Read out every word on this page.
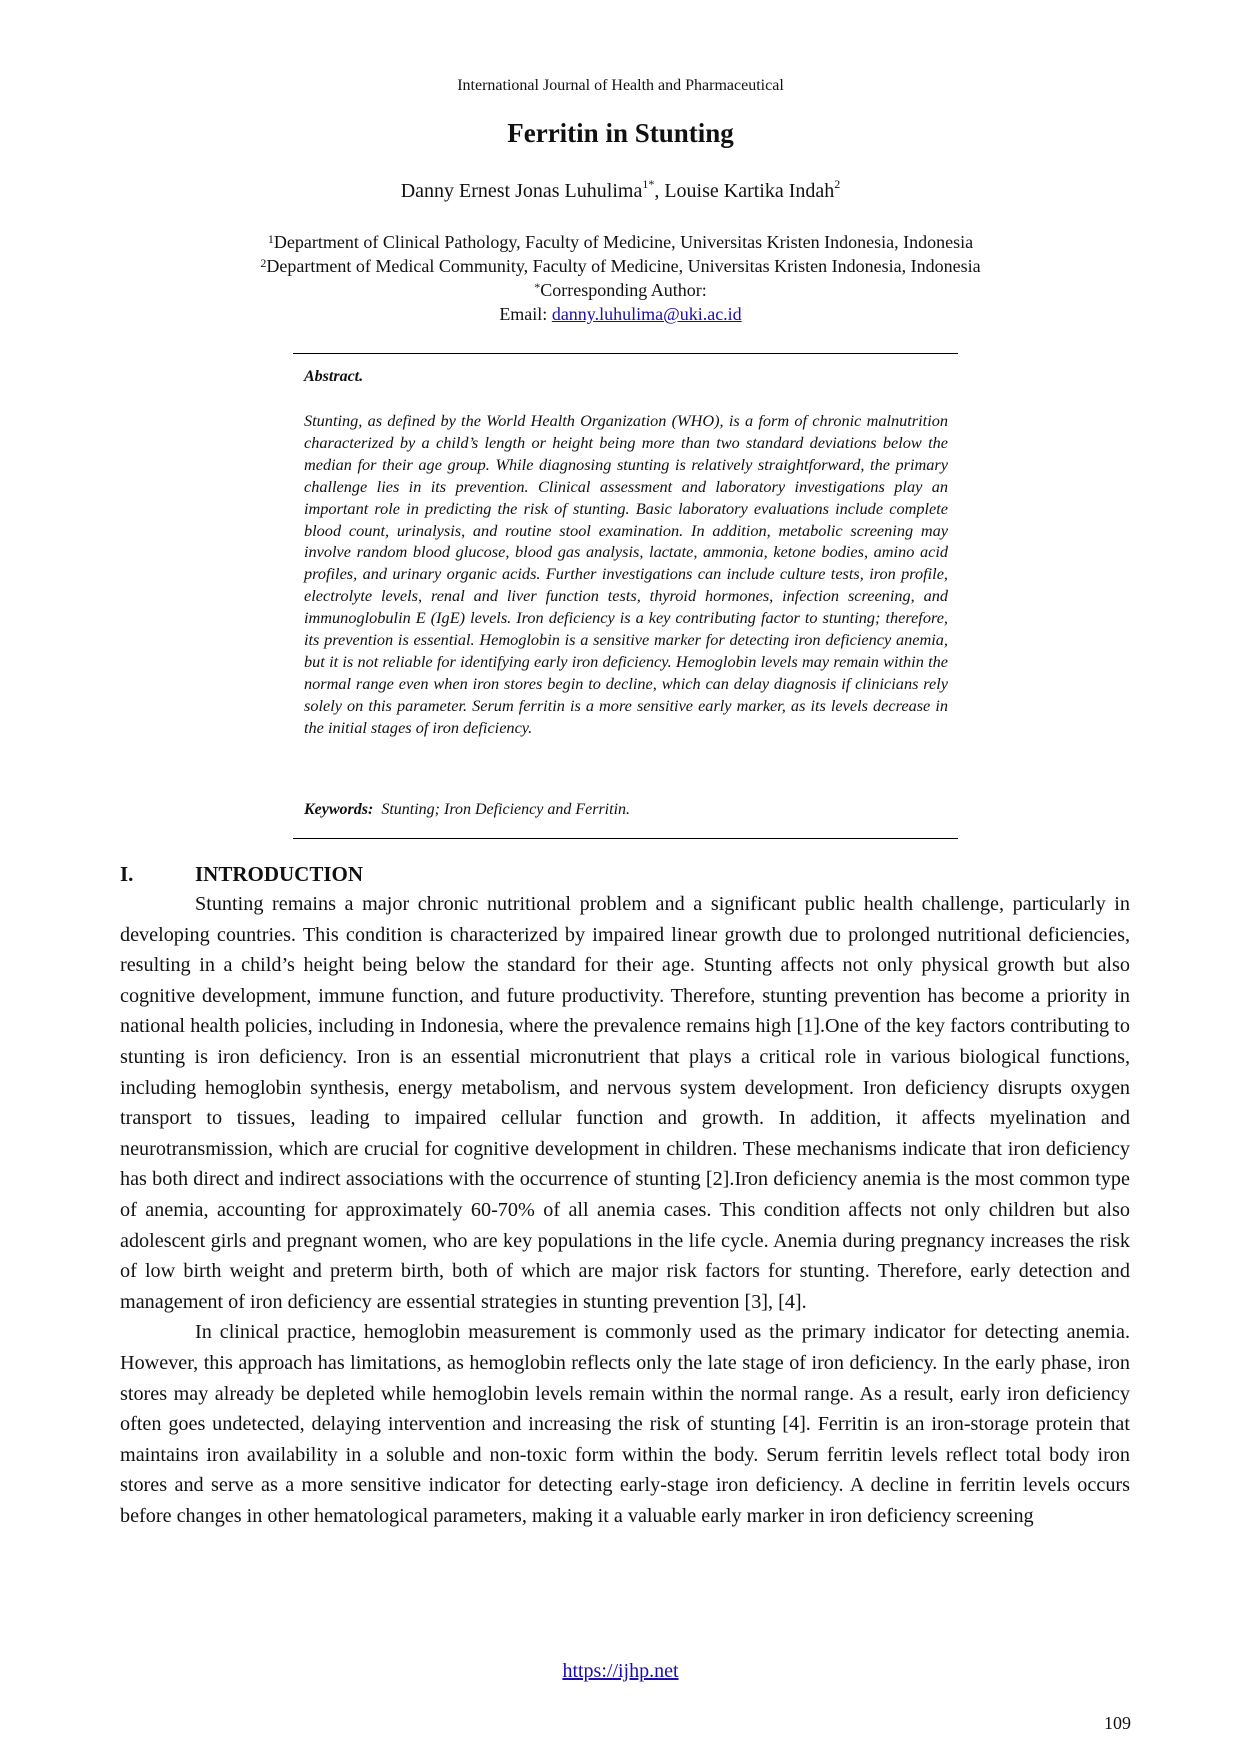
International Journal of Health and Pharmaceutical
Ferritin in Stunting
Danny Ernest Jonas Luhulima$^{1*}$, Louise Kartika Indah$^2$
$^1$Department of Clinical Pathology, Faculty of Medicine, Universitas Kristen Indonesia, Indonesia
$^2$Department of Medical Community, Faculty of Medicine, Universitas Kristen Indonesia, Indonesia
*Corresponding Author:
Email: danny.luhulima@uki.ac.id
Abstract.

Stunting, as defined by the World Health Organization (WHO), is a form of chronic malnutrition characterized by a child’s length or height being more than two standard deviations below the median for their age group. While diagnosing stunting is relatively straightforward, the primary challenge lies in its prevention. Clinical assessment and laboratory investigations play an important role in predicting the risk of stunting. Basic laboratory evaluations include complete blood count, urinalysis, and routine stool examination. In addition, metabolic screening may involve random blood glucose, blood gas analysis, lactate, ammonia, ketone bodies, amino acid profiles, and urinary organic acids. Further investigations can include culture tests, iron profile, electrolyte levels, renal and liver function tests, thyroid hormones, infection screening, and immunoglobulin E (IgE) levels. Iron deficiency is a key contributing factor to stunting; therefore, its prevention is essential. Hemoglobin is a sensitive marker for detecting iron deficiency anemia, but it is not reliable for identifying early iron deficiency. Hemoglobin levels may remain within the normal range even when iron stores begin to decline, which can delay diagnosis if clinicians rely solely on this parameter. Serum ferritin is a more sensitive early marker, as its levels decrease in the initial stages of iron deficiency.

Keywords: Stunting; Iron Deficiency and Ferritin.
I.	INTRODUCTION

Stunting remains a major chronic nutritional problem and a significant public health challenge, particularly in developing countries. This condition is characterized by impaired linear growth due to prolonged nutritional deficiencies, resulting in a child’s height being below the standard for their age. Stunting affects not only physical growth but also cognitive development, immune function, and future productivity. Therefore, stunting prevention has become a priority in national health policies, including in Indonesia, where the prevalence remains high [1].One of the key factors contributing to stunting is iron deficiency. Iron is an essential micronutrient that plays a critical role in various biological functions, including hemoglobin synthesis, energy metabolism, and nervous system development. Iron deficiency disrupts oxygen transport to tissues, leading to impaired cellular function and growth. In addition, it affects myelination and neurotransmission, which are crucial for cognitive development in children. These mechanisms indicate that iron deficiency has both direct and indirect associations with the occurrence of stunting [2].Iron deficiency anemia is the most common type of anemia, accounting for approximately 60-70% of all anemia cases. This condition affects not only children but also adolescent girls and pregnant women, who are key populations in the life cycle. Anemia during pregnancy increases the risk of low birth weight and preterm birth, both of which are major risk factors for stunting. Therefore, early detection and management of iron deficiency are essential strategies in stunting prevention [3], [4].

In clinical practice, hemoglobin measurement is commonly used as the primary indicator for detecting anemia. However, this approach has limitations, as hemoglobin reflects only the late stage of iron deficiency. In the early phase, iron stores may already be depleted while hemoglobin levels remain within the normal range. As a result, early iron deficiency often goes undetected, delaying intervention and increasing the risk of stunting [4]. Ferritin is an iron-storage protein that maintains iron availability in a soluble and non-toxic form within the body. Serum ferritin levels reflect total body iron stores and serve as a more sensitive indicator for detecting early-stage iron deficiency. A decline in ferritin levels occurs before changes in other hematological parameters, making it a valuable early marker in iron deficiency screening

https://ijhp.net
109
